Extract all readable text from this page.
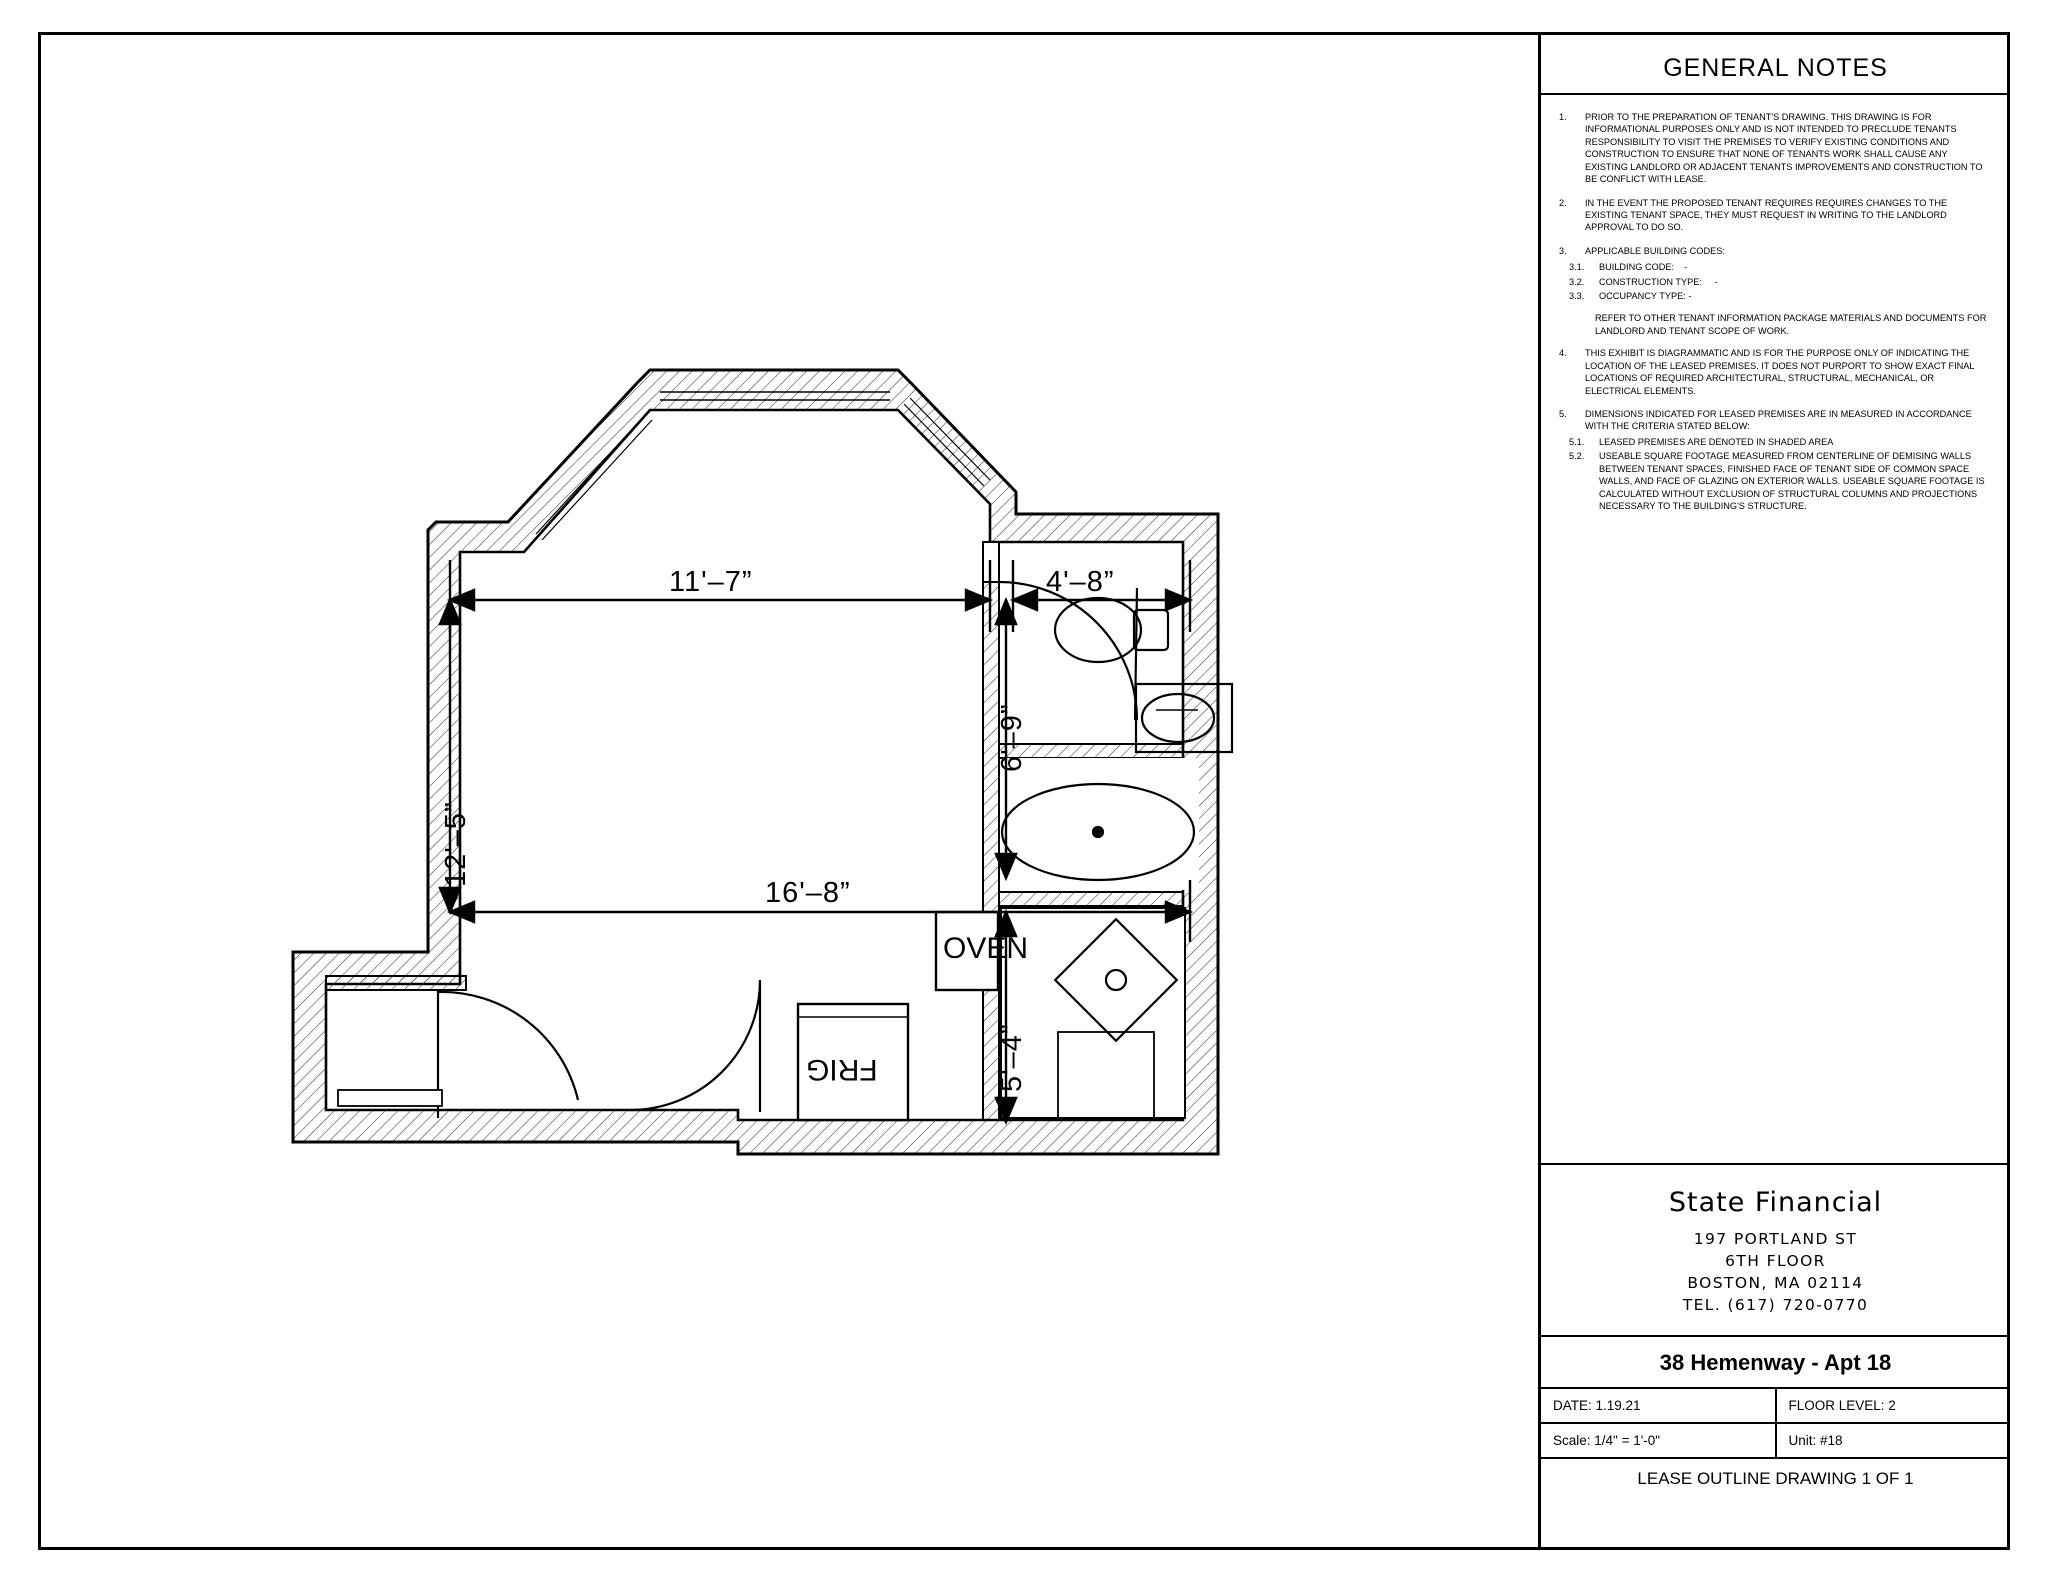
11'–7”	4'–8”
6'–9”
12'–5”
16'–8”
5'–4”
OVEN
FRIG
GENERAL NOTES
1.	PRIOR TO THE PREPARATION OF TENANT'S DRAWING. THIS DRAWING IS FOR INFORMATIONAL PURPOSES ONLY AND IS NOT INTENDED TO PRECLUDE TENANTS RESPONSIBILITY TO VISIT THE PREMISES TO VERIFY EXISTING CONDITIONS AND CONSTRUCTION TO ENSURE THAT NONE OF TENANTS WORK SHALL CAUSE ANY EXISTING LANDLORD OR ADJACENT TENANTS IMPROVEMENTS AND CONSTRUCTION TO BE CONFLICT WITH LEASE.
2.	IN THE EVENT THE PROPOSED TENANT REQUIRES REQUIRES CHANGES TO THE EXISTING TENANT SPACE, THEY MUST REQUEST IN WRITING TO THE LANDLORD APPROVAL TO DO SO.
3.	APPLICABLE BUILDING CODES:
3.1.	BUILDING CODE:    -
3.2.	CONSTRUCTION TYPE:     -
3.3.	OCCUPANCY TYPE: -
REFER TO OTHER TENANT INFORMATION PACKAGE MATERIALS AND DOCUMENTS FOR LANDLORD AND TENANT SCOPE OF WORK.
4.	THIS EXHIBIT IS DIAGRAMMATIC AND IS FOR THE PURPOSE ONLY OF INDICATING THE LOCATION OF THE LEASED PREMISES. IT DOES NOT PURPORT TO SHOW EXACT FINAL LOCATIONS OF REQUIRED ARCHITECTURAL, STRUCTURAL, MECHANICAL, OR ELECTRICAL ELEMENTS.
5.	DIMENSIONS INDICATED FOR LEASED PREMISES ARE IN MEASURED IN ACCORDANCE WITH THE CRITERIA STATED BELOW:
5.1.	LEASED PREMISES ARE DENOTED IN SHADED AREA
5.2.	USEABLE SQUARE FOOTAGE MEASURED FROM CENTERLINE OF DEMISING WALLS BETWEEN TENANT SPACES, FINISHED FACE OF TENANT SIDE OF COMMON SPACE WALLS, AND FACE OF GLAZING ON EXTERIOR WALLS. USEABLE SQUARE FOOTAGE IS CALCULATED WITHOUT EXCLUSION OF STRUCTURAL COLUMNS AND PROJECTIONS NECESSARY TO THE BUILDING'S STRUCTURE.
State Financial
197 PORTLAND ST
6TH FLOOR
BOSTON, MA 02114
TEL. (617) 720-0770
38 Hemenway - Apt 18
DATE: 1.19.21	FLOOR LEVEL: 2
Scale: 1/4" = 1'-0"	Unit: #18
LEASE OUTLINE DRAWING 1 OF 1
